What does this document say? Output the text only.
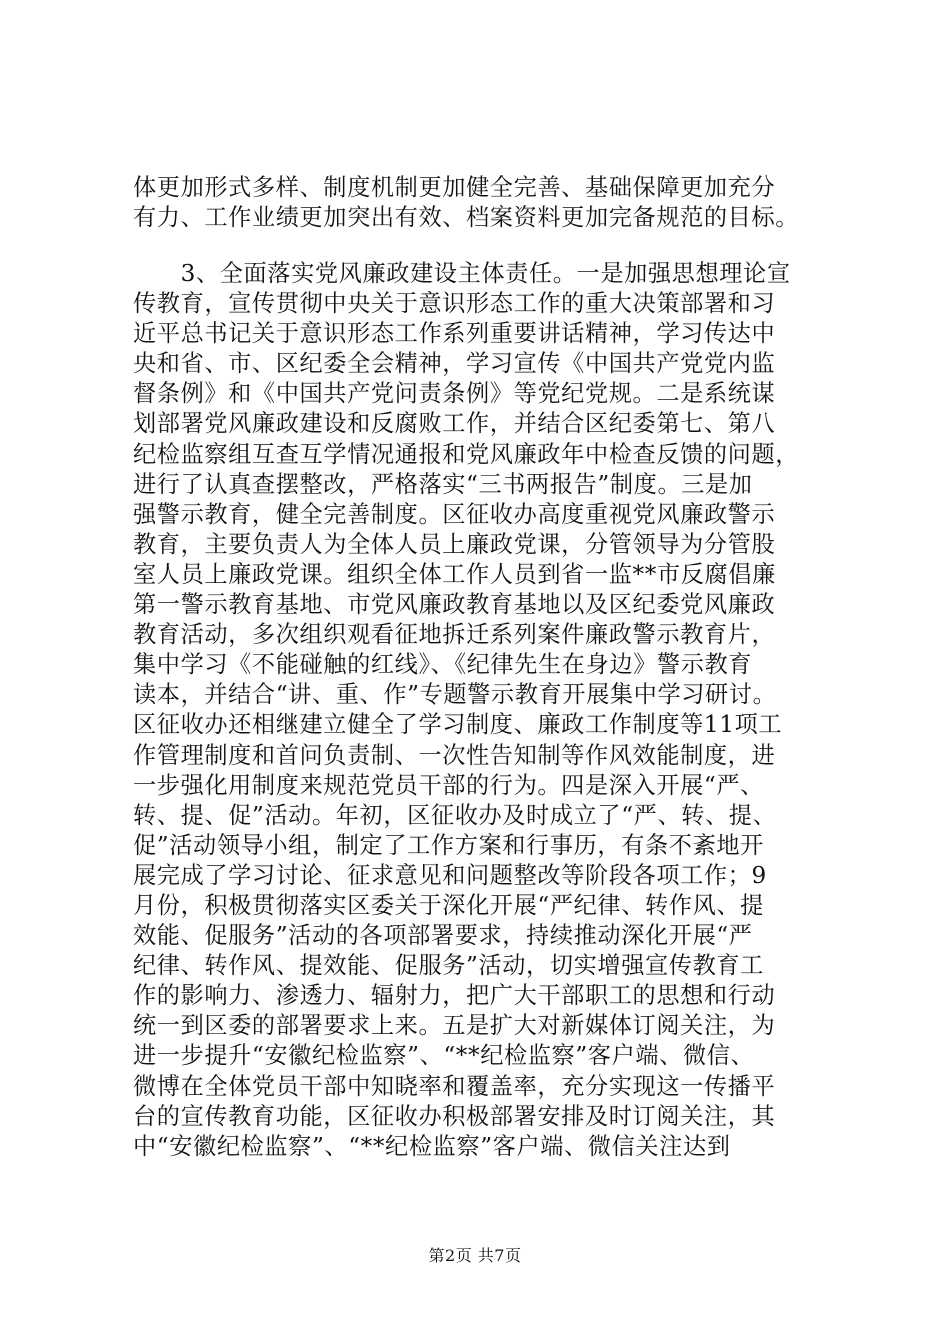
体更加形式多样、制度机制更加健全完善、基础保障更加充分
有力、工作业绩更加突出有效、档案资料更加完备规范的目标。
　　3、全面落实党风廉政建设主体责任。一是加强思想理论宣
传教育，宣传贯彻中央关于意识形态工作的重大决策部署和习
近平总书记关于意识形态工作系列重要讲话精神，学习传达中
央和省、市、区纪委全会精神，学习宣传《中国共产党党内监
督条例》和《中国共产党问责条例》等党纪党规。二是系统谋
划部署党风廉政建设和反腐败工作，并结合区纪委第七、第八
纪检监察组互查互学情况通报和党风廉政年中检查反馈的问题，
进行了认真查摆整改，严格落实“三书两报告”制度。三是加
强警示教育，健全完善制度。区征收办高度重视党风廉政警示
教育，主要负责人为全体人员上廉政党课，分管领导为分管股
室人员上廉政党课。组织全体工作人员到省一监**市反腐倡廉
第一警示教育基地、市党风廉政教育基地以及区纪委党风廉政
教育活动，多次组织观看征地拆迁系列案件廉政警示教育片，
集中学习《不能碰触的红线》、《纪律先生在身边》警示教育
读本，并结合“讲、重、作”专题警示教育开展集中学习研讨。
区征收办还相继建立健全了学习制度、廉政工作制度等11项工
作管理制度和首问负责制、一次性告知制等作风效能制度，进
一步强化用制度来规范党员干部的行为。四是深入开展“严、
转、提、促”活动。年初，区征收办及时成立了“严、转、提、
促”活动领导小组，制定了工作方案和行事历，有条不紊地开
展完成了学习讨论、征求意见和问题整改等阶段各项工作；9
月份，积极贯彻落实区委关于深化开展“严纪律、转作风、提
效能、促服务”活动的各项部署要求，持续推动深化开展“严
纪律、转作风、提效能、促服务”活动，切实增强宣传教育工
作的影响力、渗透力、辐射力，把广大干部职工的思想和行动
统一到区委的部署要求上来。五是扩大对新媒体订阅关注，为
进一步提升“安徽纪检监察”、“**纪检监察”客户端、微信、
微博在全体党员干部中知晓率和覆盖率，充分实现这一传播平
台的宣传教育功能，区征收办积极部署安排及时订阅关注，其
中“安徽纪检监察”、“**纪检监察”客户端、微信关注达到
第2页 共7页
